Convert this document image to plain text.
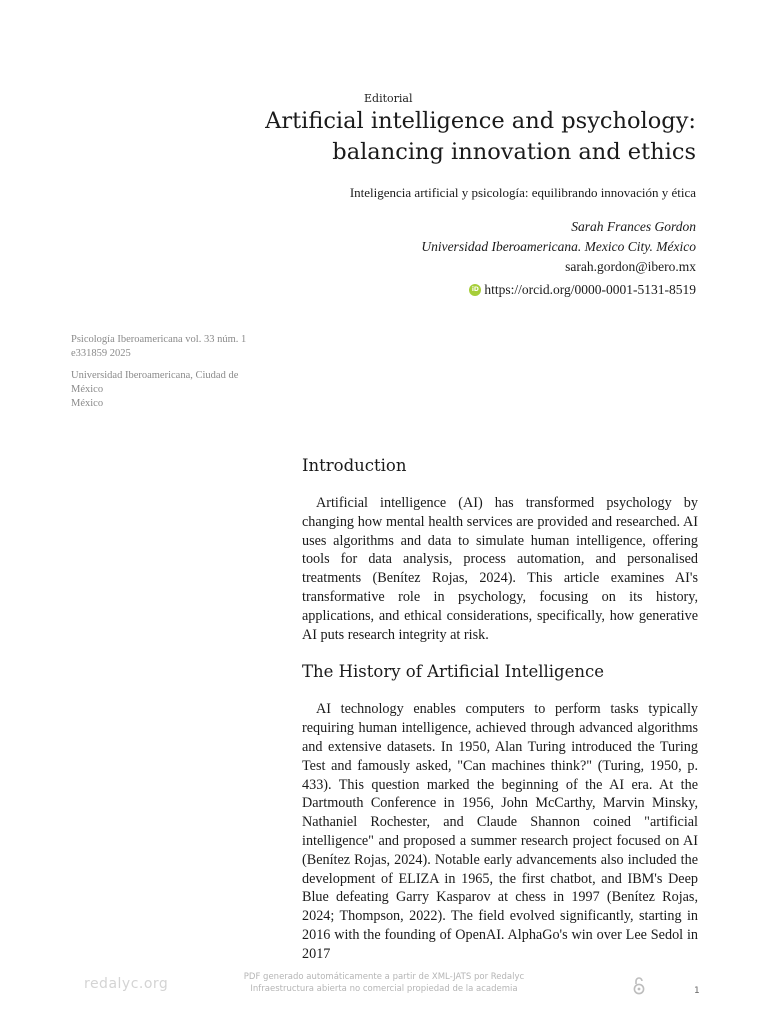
Editorial
Artificial intelligence and psychology:
balancing innovation and ethics
Inteligencia artificial y psicología: equilibrando innovación y ética
Sarah Frances Gordon
Universidad Iberoamericana. Mexico City. México
sarah.gordon@ibero.mx
iD https://orcid.org/0000-0001-5131-8519
Psicología Iberoamericana vol. 33 núm. 1
e331859 2025
Universidad Iberoamericana, Ciudad de
México
México
Introduction

Artificial intelligence (AI) has transformed psychology by changing how mental health services are provided and researched. AI uses algorithms and data to simulate human intelligence, offering tools for data analysis, process automation, and personalised treatments (Benítez Rojas, 2024). This article examines AI's transformative role in psychology, focusing on its history, applications, and ethical considerations, specifically, how generative AI puts research integrity at risk.

The History of Artificial Intelligence

AI technology enables computers to perform tasks typically requiring human intelligence, achieved through advanced algorithms and extensive datasets. In 1950, Alan Turing introduced the Turing Test and famously asked, "Can machines think?" (Turing, 1950, p. 433). This question marked the beginning of the AI era. At the Dartmouth Conference in 1956, John McCarthy, Marvin Minsky, Nathaniel Rochester, and Claude Shannon coined "artificial intelligence" and proposed a summer research project focused on AI (Benítez Rojas, 2024). Notable early advancements also included the development of ELIZA in 1965, the first chatbot, and IBM's Deep Blue defeating Garry Kasparov at chess in 1997 (Benítez Rojas, 2024; Thompson, 2022). The field evolved significantly, starting in 2016 with the founding of OpenAI. AlphaGo's win over Lee Sedol in 2017

redalyc.org	PDF generado automáticamente a partir de XML-JATS por Redalyc
Infraestructura abierta no comercial propiedad de la academia	1
